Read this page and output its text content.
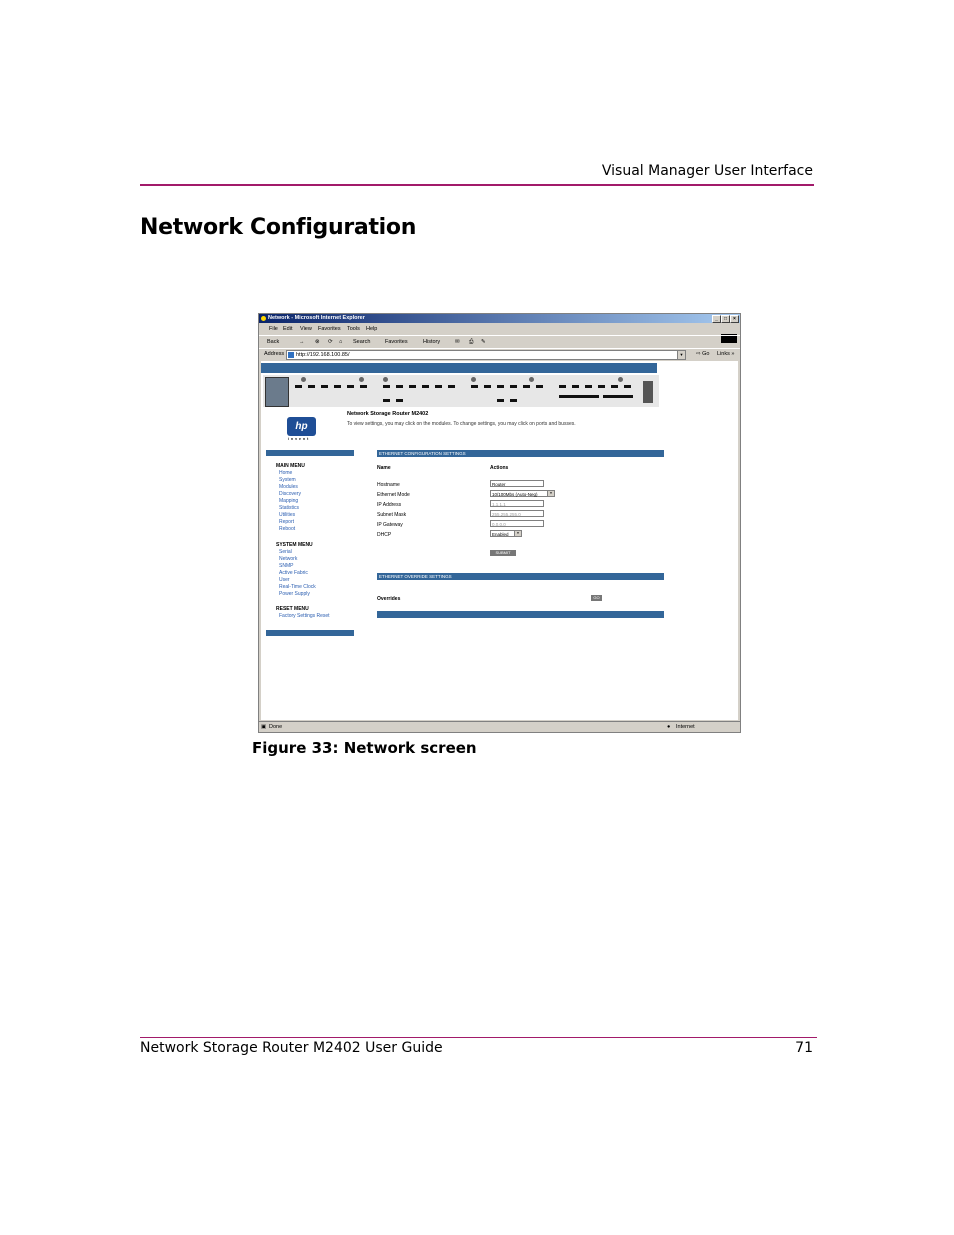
Visual Manager User Interface
Network Configuration
Network - Microsoft Internet Explorer	_	□	×
File Edit View Favorites Tools Help
Back	→ ⊗ ⟳ ⌂ Search	Favorites	History	✉ ⎙ ✎
Address http://192.168.100.85/	▼ ⇨ Go Links »
hp
invent
Network Storage Router M2402
To view settings, you may click on the modules. To change settings, you may click on ports and busses.
MAIN MENU
Home
System
Modules
Discovery
Mapping
Statistics
Utilities
Report
Reboot
SYSTEM MENU
Serial
Network
SNMP
Active Fabric
User
Real-Time Clock
Power Supply
RESET MENU
Factory Settings Reset
ETHERNET CONFIGURATION SETTINGS
Name	Actions
Hostname	Router
Ethernet Mode	10/100Mbs (Auto-Neg)	▼
IP Address	1.1.1.1
Subnet Mask	255.255.255.0
IP Gateway	0.0.0.0
DHCP	Enabled	▼
SUBMIT
ETHERNET OVERRIDE SETTINGS
Overrides	GO
▣ Done	● Internet
Figure 33: Network screen
Network Storage Router M2402 User Guide	71
